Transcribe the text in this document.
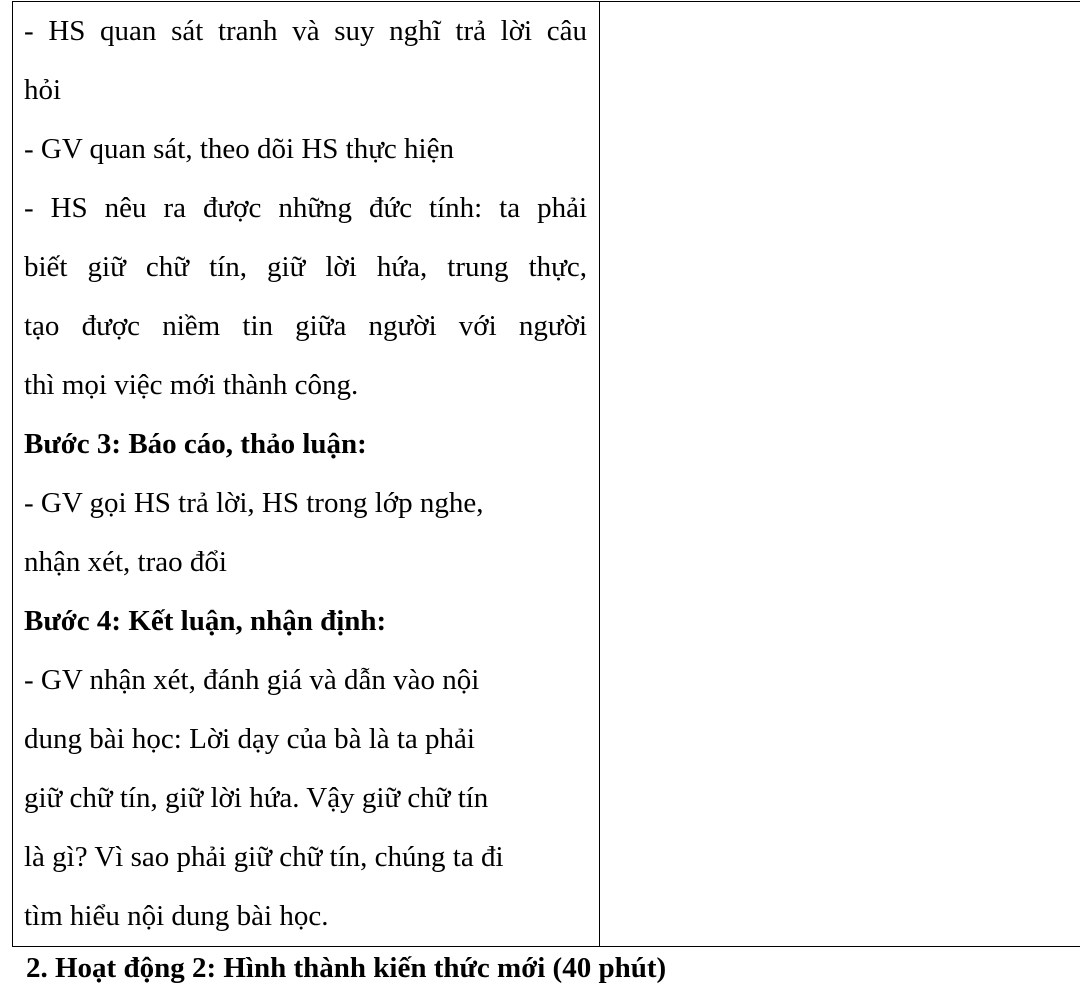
- HS quan sát tranh và suy nghĩ trả lời câu

hỏi

- GV quan sát, theo dõi HS thực hiện

- HS nêu ra được những đức tính: ta phải

biết giữ chữ tín, giữ lời hứa, trung thực,

tạo được niềm tin giữa người với người

thì mọi việc mới thành công.

Bước 3: Báo cáo, thảo luận:

- GV gọi HS trả lời, HS trong lớp nghe,

nhận xét, trao đổi

Bước 4: Kết luận, nhận định:

- GV nhận xét, đánh giá và dẫn vào nội

dung bài học: Lời dạy của bà là ta phải

giữ chữ tín, giữ lời hứa. Vậy giữ chữ tín

là gì? Vì sao phải giữ chữ tín, chúng ta đi

tìm hiểu nội dung bài học.

2. Hoạt động 2: Hình thành kiến thức mới (40 phút)
